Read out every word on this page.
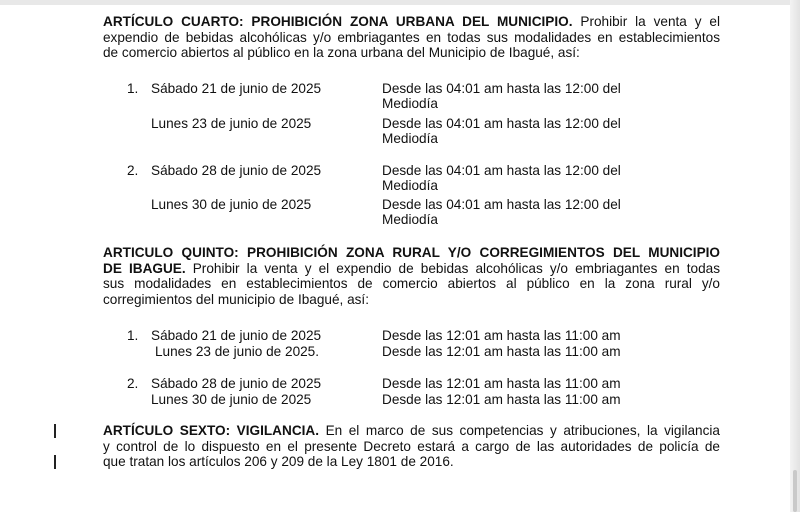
ARTÍCULO CUARTO: PROHIBICIÓN ZONA URBANA DEL MUNICIPIO. Prohibir la venta y el
expendio de bebidas alcohólicas y/o embriagantes en todas sus modalidades en establecimientos
de comercio abiertos al público en la zona urbana del Municipio de Ibagué, así:
1. Sábado 21 de junio de 2025	Desde las 04:01 am hasta las 12:00 del
Mediodía
Lunes 23 de junio de 2025	Desde las 04:01 am hasta las 12:00 del
Mediodía
2. Sábado 28 de junio de 2025	Desde las 04:01 am hasta las 12:00 del
Mediodía
Lunes 30 de junio de 2025	Desde las 04:01 am hasta las 12:00 del
Mediodía
ARTICULO QUINTO: PROHIBICIÓN ZONA RURAL Y/O CORREGIMIENTOS DEL MUNICIPIO
DE IBAGUE. Prohibir la venta y el expendio de bebidas alcohólicas y/o embriagantes en todas
sus modalidades en establecimientos de comercio abiertos al público en la zona rural y/o
corregimientos del municipio de Ibagué, así:
1. Sábado 21 de junio de 2025	Desde las 12:01 am hasta las 11:00 am
Lunes 23 de junio de 2025.	Desde las 12:01 am hasta las 11:00 am
2. Sábado 28 de junio de 2025	Desde las 12:01 am hasta las 11:00 am
Lunes 30 de junio de 2025	Desde las 12:01 am hasta las 11:00 am
ARTÍCULO SEXTO: VIGILANCIA. En el marco de sus competencias y atribuciones, la vigilancia
y control de lo dispuesto en el presente Decreto estará a cargo de las autoridades de policía de
que tratan los artículos 206 y 209 de la Ley 1801 de 2016.
